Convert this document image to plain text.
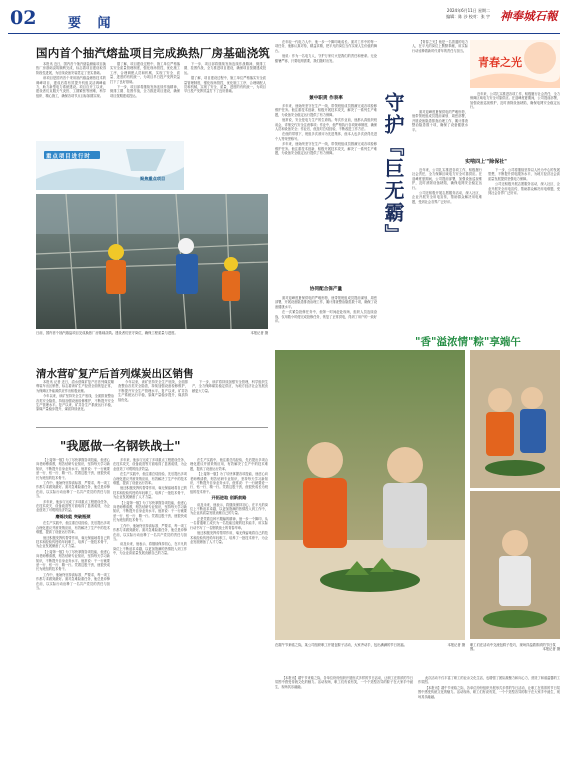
02 要 闻
2024年6月11日 星期二
编辑：陈 沙 校对：张 宇 神奉城石報
国内首个抽汽熔盐项目完成换热厂房基础浇筑

本报讯 近日，国内首个抽汽熔盐储能项目换热厂房基础浇筑顺利完成，标志着项目建设取得阶段性进展，为后续设备安装奠定了坚实基础。

该项目是国内首个采用抽汽熔盐储热技术的调峰项目，建成后将有效提升机组灵活调峰能力，助力新型电力系统建设。项目自开工以来，建设者们克服天气炎热、工期紧张等困难，科学组织、精心施工，确保各项节点目标如期实现。

据了解，项目建设过程中，施工单位严格落实安全质量管理制度，强化现场管控，优化施工工序，合理调配人员和机械，实现了安全、质量、进度的有机统一，为项目早日投产发挥效益打下了良好基础。

下一步，项目部将继续发扬连续作战精神，倒排工期、挂图作战，全力推进项目建设，确保项目按期建成投运。

下一步，项目部将继续发扬连续作战精神，倒排工期、挂图作战，全力推进项目建设，确保项目按期建成投运。

据了解，项目建设过程中，施工单位严格落实安全质量管理制度，强化现场管控，优化施工工序，合理调配人员和机械，实现了安全、质量、进度的有机统一，为项目早日投产发挥效益打下了良好基础。

重点项目进行时
聚焦重点项目
日前，国内首个抽汽熔盐项目完成换热厂房基础浇筑。建设者们坚守岗位，确保工程质量与进度。	本报记者 摄
清水营矿复产后首列煤炭出区销售

本报讯 记者 近日，清水营煤矿复产后首列煤炭顺利装车出区销售，标志着该矿生产经营全面恢复正常，为保障区外能源供应作出积极贡献。

今年以来，该矿坚持安全生产底线，全面排查整治各类安全隐患，持续加强设备检修维护，不断提升安全生产管理水平。复产以来，矿井各生产系统运行平稳，原煤产量稳步提升，煤质持续优化。

今年以来，该矿坚持安全生产底线，全面排查整治各类安全隐患，持续加强设备检修维护，不断提升安全生产管理水平。复产以来，矿井各生产系统运行平稳，原煤产量稳步提升，煤质持续优化。

下一步，该矿将持续加强安全管理，科学组织生产，全力保障煤炭稳定供应，为地方经济社会发展贡献更大力量。

"我愿做一名钢铁战士"

【上接第一版】为了尽快掌握各项技能，他虚心向老师傅请教，刻苦钻研专业知识，坚持每天学习新知识，不断提升自身业务水平。他常说：干一行就要爱一行、钻一行、精一行。凭着这股干劲，他很快成长为班组的技术骨干。

工作中，他始终坚持高标准、严要求，每一项工作都力求做到最好。面对急难险重任务，他总是冲锋在前，以实际行动诠释了一名共产党员的责任与担当。

多年来，他参与完成了多项重点工程建设任务，在技术攻关、设备改造等方面取得了显著成绩，为企业创造了可观的经济效益。

磨炼技能 突破瓶颈

在生产实践中，他注重总结经验，先后提出多项合理化建议并被采纳应用，有效解决了生产中的技术难题，提高了设备运行效率。

他还积极发挥传帮带作用，毫无保留地将自己的技术和经验传授给年轻职工，培养了一批技术骨干，为企业发展储备了人才力量。

【上接第一版】为了尽快掌握各项技能，他虚心向老师傅请教，刻苦钻研专业知识，坚持每天学习新知识，不断提升自身业务水平。他常说：干一行就要爱一行、钻一行、精一行。凭着这股干劲，他很快成长为班组的技术骨干。

工作中，他始终坚持高标准、严要求，每一项工作都力求做到最好。面对急难险重任务，他总是冲锋在前，以实际行动诠释了一名共产党员的责任与担当。

多年来，他参与完成了多项重点工程建设任务，在技术攻关、设备改造等方面取得了显著成绩，为企业创造了可观的经济效益。

在生产实践中，他注重总结经验，先后提出多项合理化建议并被采纳应用，有效解决了生产中的技术难题，提高了设备运行效率。

他还积极发挥传帮带作用，毫无保留地将自己的技术和经验传授给年轻职工，培养了一批技术骨干，为企业发展储备了人才力量。

【上接第一版】为了尽快掌握各项技能，他虚心向老师傅请教，刻苦钻研专业知识，坚持每天学习新知识，不断提升自身业务水平。他常说：干一行就要爱一行、钻一行、精一行。凭着这股干劲，他很快成长为班组的技术骨干。

工作中，他始终坚持高标准、严要求，每一项工作都力求做到最好。面对急难险重任务，他总是冲锋在前，以实际行动诠释了一名共产党员的责任与担当。

谈及未来，他表示，将继续保持初心，在平凡的岗位上不断追求卓越，以更加饱满的热情投入到工作中，为企业高质量发展贡献自己的力量。

在生产实践中，他注重总结经验，先后提出多项合理化建议并被采纳应用，有效解决了生产中的技术难题，提高了设备运行效率。

【上接第一版】为了尽快掌握各项技能，他虚心向老师傅请教，刻苦钻研专业知识，坚持每天学习新知识，不断提升自身业务水平。他常说：干一行就要爱一行、钻一行、精一行。凭着这股干劲，他很快成长为班组的技术骨干。

开拓进取 创新前路

谈及未来，他表示，将继续保持初心，在平凡的岗位上不断追求卓越，以更加饱满的热情投入到工作中，为企业高质量发展贡献自己的力量。

正是凭着这种不服输的精神，他一步一个脚印，从一名普通职工成长为一名技能过硬的技术能手，用实际行动书写了一名钢铁战士的青春华章。

他还积极发挥传帮带作用，毫无保留地将自己的技术和经验传授给年轻职工，培养了一批技术骨干，为企业发展储备了人才力量。

在年轻一代电力人中，他一步一个脚印地成长。面对工作中的每一项任务，他都认真对待，精益求精，把平凡的岗位当作实现人生价值的舞台。

他说：作为一名电力人，守护万家灯火是我们的责任和使命。无论酷暑严寒，只要电网需要，我们随时出发。

兼中职责 作表率

多年来，他始终坚守在生产一线，带领班组成员圆满完成各项检修维护任务。他注重技术创新，积极开展技术攻关，解决了一系列生产难题，为设备安全稳定运行提供了有力保障。

他常说，安全是电力生产的生命线。每次作业前，他都认真组织班前会，详细交代安全注意事项；作业中，他严格执行各项规章制度，确保人员和设备安全；作业后，他及时总结经验，不断改进工作方法。

在他的带领下，班组多次被评为先进集体，他本人也多次获得先进个人等荣誉称号。

多年来，他始终坚守在生产一线，带领班组成员圆满完成各项检修维护任务。他注重技术创新，积极开展技术攻关，解决了一系列生产难题，为设备安全稳定运行提供了有力保障。

协同配合保产量

面对迎峰度夏保供电的严峻形势，他带领班组成员提前谋划、周密部署，开展设备隐患排查治理工作，累计排查整治隐患数十项，确保了设备健康水平。

在一次紧急抢修任务中，他第一时间赶赴现场，组织人员连续奋战，仅用数小时便完成抢修任务，恢复了正常供电，得到了用户的一致好评。

守护『巨无霸』

【青春之光】他是一名普通的电力人，在平凡的岗位上默默奉献，用实际行动诠释着新时代青年的责任与担当。

面对迎峰度夏保供电的严峻形势，他带领班组成员提前谋划、周密部署，开展设备隐患排查治理工作，累计排查整治隐患数十项，确保了设备健康水平。

青春之光

近年来，公司扎实推进各项工作，积极履行社会责任，全力保障区域电力安全可靠供应。在迎峰度夏期间，公司提前部署，加强设备巡视维护，及时消除设备缺陷，确保电网安全稳定运行。

实啃四上'"除保社"

近年来，公司扎实推进各项工作，积极履行社会责任，全力保障区域电力安全可靠供应。在迎峰度夏期间，公司提前部署，加强设备巡视维护，及时消除设备缺陷，确保电网安全稳定运行。

公司还积极开展志愿服务活动，深入社区、企业开展安全用电宣传，帮助群众解决用电难题，受到社会各界广泛好评。

下一步，公司将继续坚持以人民为中心的发展思想，不断提升供电服务水平，为地方经济社会高质量发展提供坚强电力保障。

公司还积极开展志愿服务活动，深入社区、企业开展安全用电宣传，帮助群众解决用电难题，受到社会各界广泛好评。

"香"溢浓情"粽"享端午
在端午节来临之际，某公司组织职工开展包粽子活动，大家齐动手，包出满满的节日祝福。	本报记者 摄 职工们在活动中交流包粽子技巧，现场洋溢着浓浓的节日氛围。	本报记者 摄

【本报讯】端午节来临之际，各单位纷纷组织开展形式多样的节日活动，让职工在浓浓的节日氛围中感受传统文化的魅力。活动现场，职工们有说有笑，一个个造型各异的粽子在大家手中诞生，现场其乐融融。

此次活动不仅丰富了职工的业余文化生活，也增强了团队凝聚力和向心力，营造了和谐温馨的工作氛围。

【本报讯】端午节来临之际，各单位纷纷组织开展形式多样的节日活动，让职工在浓浓的节日氛围中感受传统文化的魅力。活动现场，职工们有说有笑，一个个造型各异的粽子在大家手中诞生，现场其乐融融。
